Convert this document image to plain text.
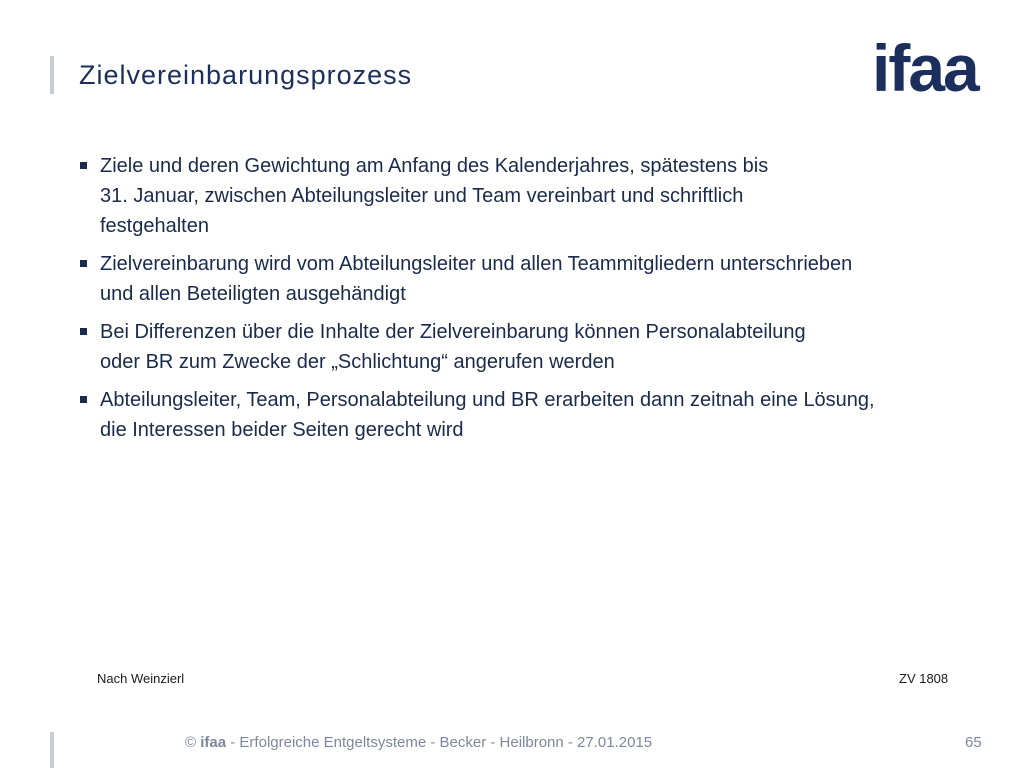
Zielvereinbarungsprozess	ifaa
Ziele und deren Gewichtung am Anfang des Kalenderjahres, spätestens bis
31. Januar, zwischen Abteilungsleiter und Team vereinbart und schriftlich
festgehalten
Zielvereinbarung wird vom Abteilungsleiter und allen Teammitgliedern unterschrieben
und allen Beteiligten ausgehändigt
Bei Differenzen über die Inhalte der Zielvereinbarung können Personalabteilung
oder BR zum Zwecke der „Schlichtung“ angerufen werden
Abteilungsleiter, Team, Personalabteilung und BR erarbeiten dann zeitnah eine Lösung,
die Interessen beider Seiten gerecht wird
Nach Weinzierl	ZV 1808
© ifaa - Erfolgreiche Entgeltsysteme - Becker - Heilbronn - 27.01.2015	65
